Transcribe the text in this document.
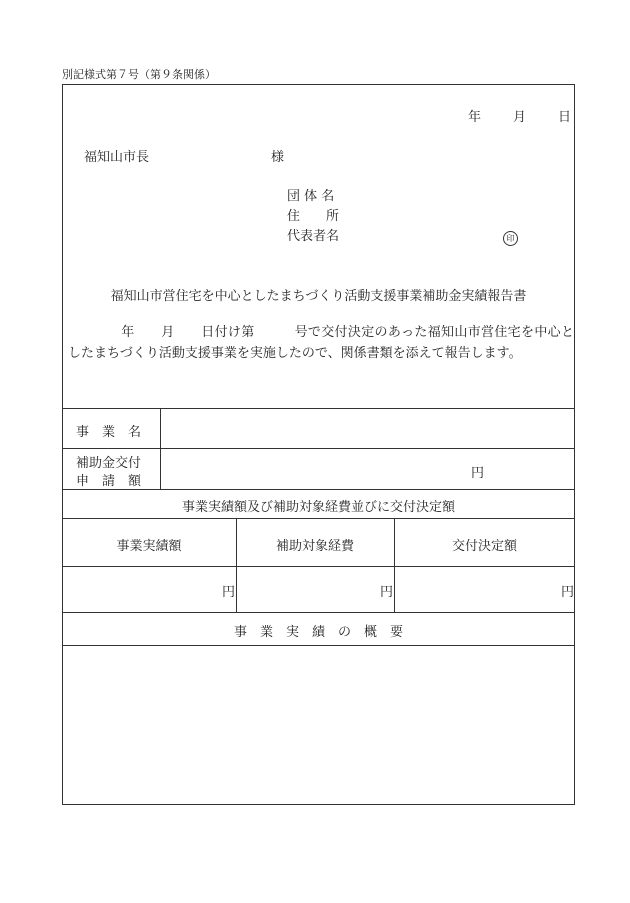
別記様式第７号（第９条関係）
年 月 日
福知山市長	様
団 体 名
住　　所
代表者名	印
福知山市営住宅を中心としたまちづくり活動支援事業補助金実績報告書

　　　　年　　月　　日付け第　　　号で交付決定のあった福知山市営住宅を中心としたまちづくり活動支援事業を実施したので、関係書類を添えて報告します。

事　業　名
補助金交付
申　請　額
円
事業実績額及び補助対象経費並びに交付決定額
事業実績額	補助対象経費	交付決定額
円	円	円
事　業　実　績　の　概　要
